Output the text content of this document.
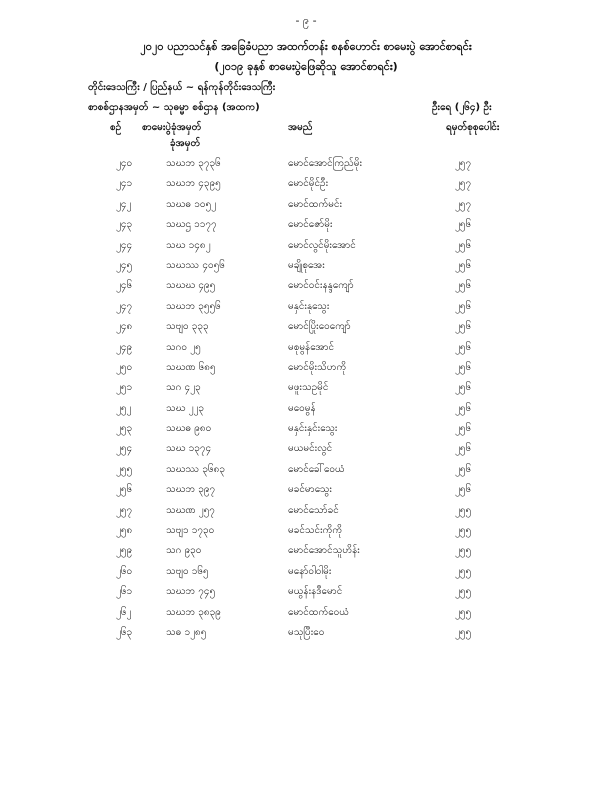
- ၉ -
၂၀၂၀ ပညာသင်နှစ် အခြေခံပညာ အထက်တန်း စနစ်ဟောင်း စာမေးပွဲ အောင်စာရင်း
(၂၀၁၉ ခုနှစ် စာမေးပွဲဖြေဆိုသူ အောင်စာရင်း)
တိုင်းဒေသကြီး / ပြည်နယ် ~ ရန်ကုန်တိုင်းဒေသကြီး
စာစစ်ဌာနအမှတ် ~ သုဓမ္မာ စစ်ဌာန (အထက)	ဦးရေ (၂၆၄) ဦး
စဉ် စာမေးပွဲခုံအမှတ်
ခုံအမှတ်
အမည်	ရမှတ်စုစုပေါင်း
၂၄၀	သဃဘ ၃၇၃၆	မောင်အောင်ကြည်မိုး	၂၅၇
၂၄၁	သဃဘ ၄၃၉၅	မောင်မိုင်ဦး	၂၅၇
၂၄၂	သဃဓ ၁၀၅၂	မောင်ထက်မင်း	၂၅၇
၂၄၃	သဃဌ ၁၁၇၇	မောင်ဇော်မိုး	၂၅၆
၂၄၄	သဃ ၁၄၈၂	မောင်လွင်မိုးအောင်	၂၅၆
၂၄၅	သဃဿ ၄၀၅၆	မချိုစုအေး	၂၅၆
၂၄၆	သဃဃ ၄၉၅	မောင်ဝင်းနန္ဒကျော်	၂၅၆
၂၄၇	သဃဘ ၃၅၅၆	မနှင်းနုသွေး	၂၅၆
၂၄၈	သဗျ၀ ၃၃၃	မောင်ပြိုးဝေကျော်	၂၅၆
၂၄၉	သဂ၀ ၂၅	မစုမွန်အောင်	၂၅၆
၂၅၀	သဃဏ ၆၈၅	မောင်မိုးသိဟကို	၂၅၆
၂၅၁	သဂ ၄၂၃	မဖူးသဥမိုင်	၂၅၆
၂၅၂	သဃ ၂၂၃	မဝေမွန်	၂၅၆
၂၅၃	သဃဓ ၉၈၀	မနှင်းနှင်းသွေး	၂၅၆
၂၅၄	သဃ ၁၃၇၄	မယမင်းလွင်	၂၅၆
၂၅၅	သဃဿ ၃၆၈၃	မောင်ခေါ်ဝေယံ	၂၅၆
၂၅၆	သဃဘ ၃၉၇	မခင်မာသွေး	၂၅၆
၂၅၇	သဃဏ ၂၅၇	မောင်သော်ခင်	၂၅၅
၂၅၈	သဗျ၁ ၁၇၃၀	မခင်သင်းကိုကို	၂၅၅
၂၅၉	သဂ ၉၃၀	မောင်အောင်သူဟိန်း	၂၅၅
၂၆၀	သဗျ၀ ၁၆၅	မနော်ဝါဝါမိုး	၂၅၅
၂၆၁	သဃဘ ၇၄၅	မယွန်းနဒီမောင်	၂၅၅
၂၆၂	သဃဘ ၃၈၃၉	မောင်ထက်ဝေယံ	၂၅၅
၂၆၃	သဓ ၁၂၈၅	မသုပြီးဝေ	၂၅၅
